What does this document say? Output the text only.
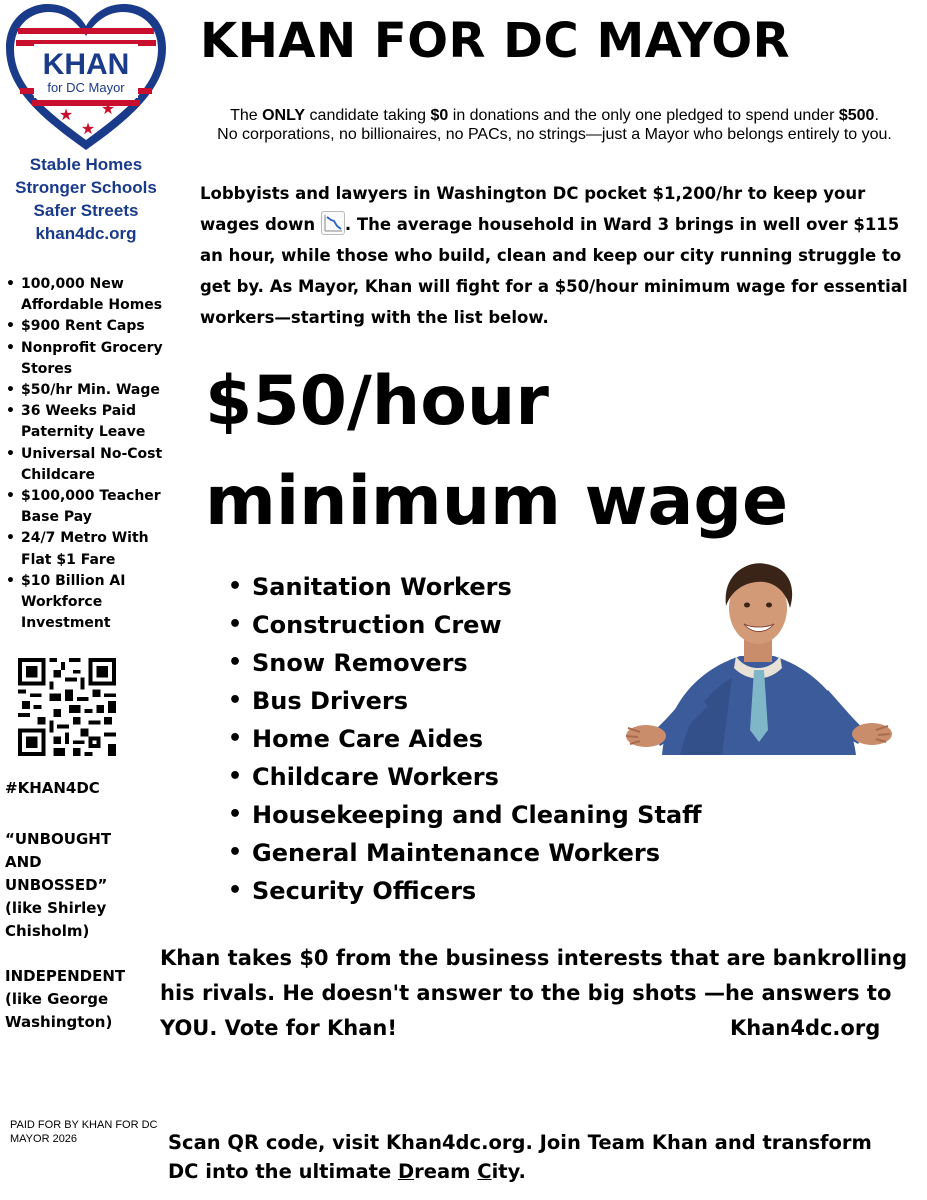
KHAN
for DC Mayor
★ ★
★
Stable Homes
Stronger Schools
Safer Streets
khan4dc.org
• 100,000 New Affordable Homes
• $900 Rent Caps
• Nonprofit Grocery Stores
• $50/hr Min. Wage
• 36 Weeks Paid Paternity Leave
• Universal No-Cost Childcare
• $100,000 Teacher Base Pay
• 24/7 Metro With Flat $1 Fare
• $10 Billion AI Workforce Investment
#KHAN4DC
“UNBOUGHT AND UNBOSSED” (like Shirley Chisholm)
INDEPENDENT (like George Washington)
PAID FOR BY KHAN FOR DC MAYOR 2026
KHAN FOR DC MAYOR
The ONLY candidate taking $0 in donations and the only one pledged to spend under $500.
No corporations, no billionaires, no PACs, no strings—just a Mayor who belongs entirely to you.
Lobbyists and lawyers in Washington DC pocket $1,200/hr to keep your wages down . The average household in Ward 3 brings in well over $115 an hour, while those who build, clean and keep our city running struggle to get by. As Mayor, Khan will fight for a $50/hour minimum wage for essential workers—starting with the list below.
$50/hour
minimum wage
• Sanitation Workers
• Construction Crew
• Snow Removers
• Bus Drivers
• Home Care Aides
• Childcare Workers
• Housekeeping and Cleaning Staff
• General Maintenance Workers
• Security Officers
Khan takes $0 from the business interests that are bankrolling his rivals. He doesn't answer to the big shots —he answers to YOU. Vote for Khan!	Khan4dc.org
Scan QR code, visit Khan4dc.org. Join Team Khan and transform
DC into the ultimate Dream City.
